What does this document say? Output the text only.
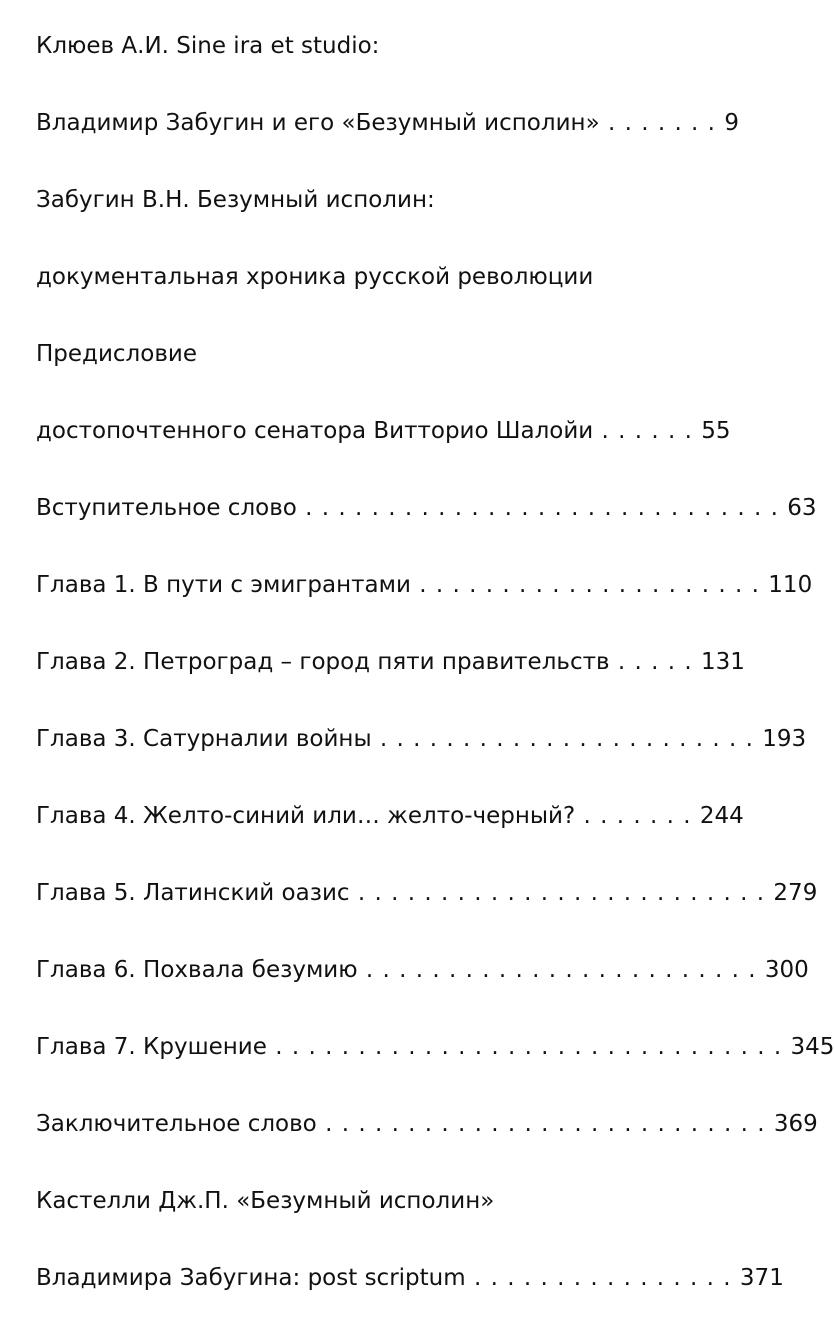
Клюев А.И. Sine ira et studio:
Владимир Забугин и его «Безумный исполин» . . . . . . . 9
Забугин В.Н. Безумный исполин:
документальная хроника русской революции
Предисловие
достопочтенного сенатора Витторио Шалойи . . . . . . 55
Вступительное слово . . . . . . . . . . . . . . . . . . . . . . . . . . . . . 63
Глава 1. В пути с эмигрантами . . . . . . . . . . . . . . . . . . . . . 110
Глава 2. Петроград – город пяти правительств . . . . . 131
Глава 3. Сатурналии войны . . . . . . . . . . . . . . . . . . . . . . . 193
Глава 4. Желто-синий или… желто-черный? . . . . . . . 244
Глава 5. Латинский оазис . . . . . . . . . . . . . . . . . . . . . . . . . 279
Глава 6. Похвала безумию . . . . . . . . . . . . . . . . . . . . . . . . 300
Глава 7. Крушение . . . . . . . . . . . . . . . . . . . . . . . . . . . . . . . 345
Заключительное слово . . . . . . . . . . . . . . . . . . . . . . . . . . . 369
Кастелли Дж.П. «Безумный исполин»
Владимира Забугина: post scriptum . . . . . . . . . . . . . . . . 371
